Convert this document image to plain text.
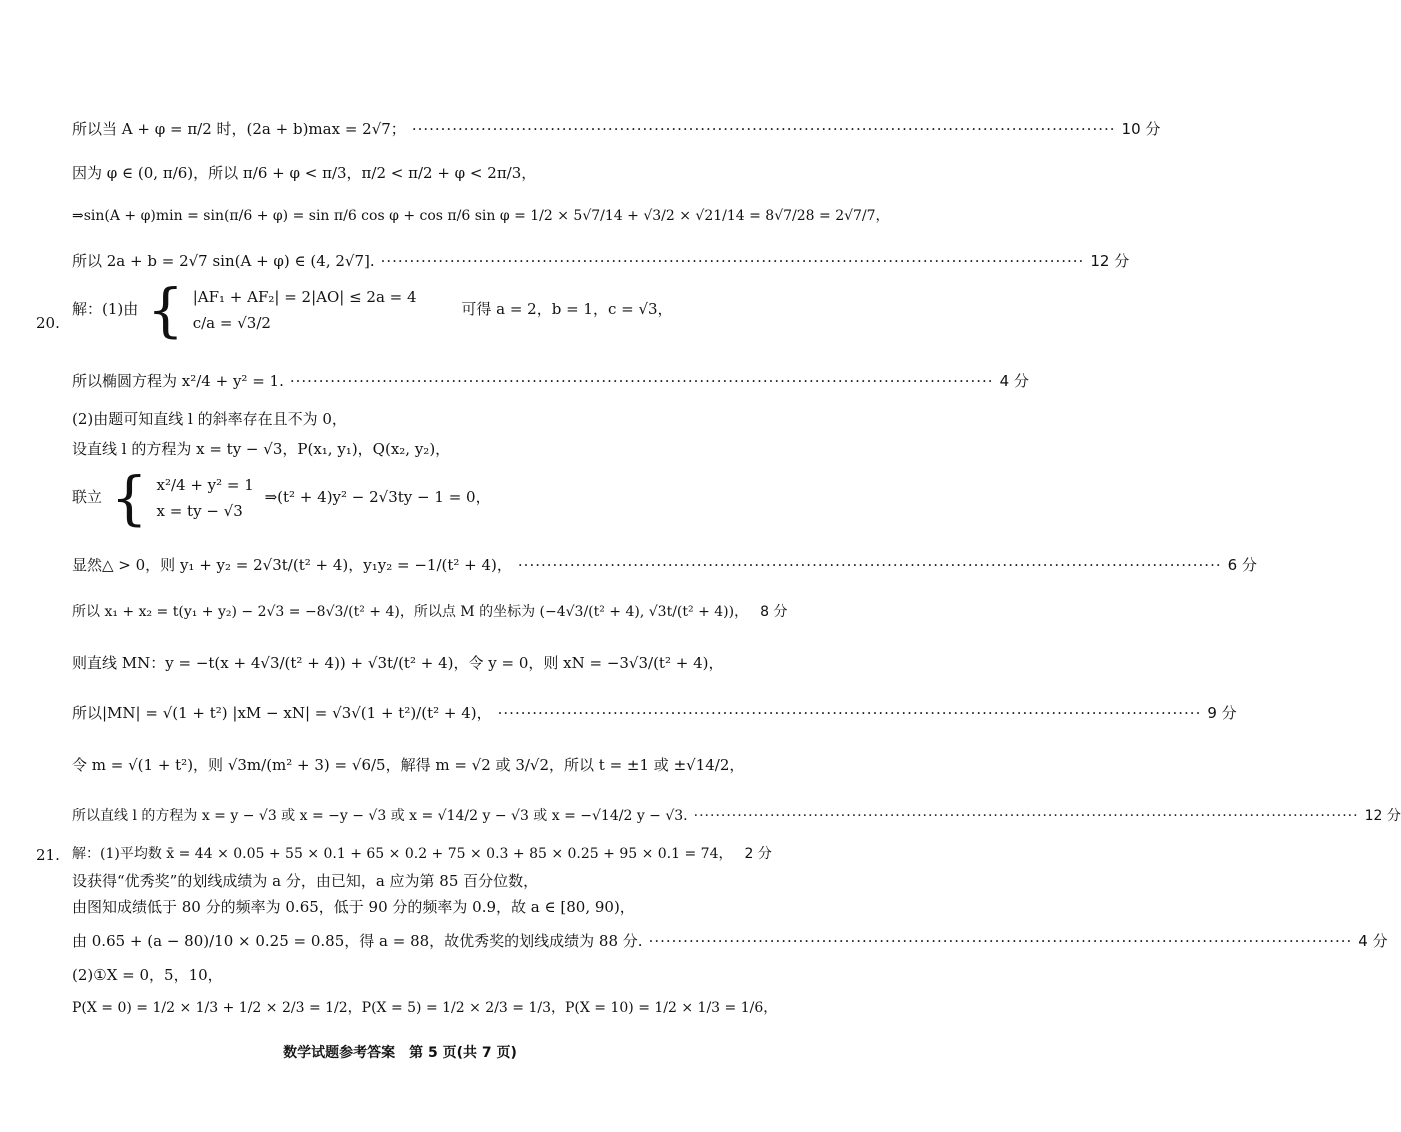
所以当 A + φ = π/2 时，(2a + b)max = 2√7； ·····	10 分
因为 φ ∈ (0, π/6)，所以 π/6 + φ < π/3，π/2 < π/2 + φ < 2π/3，
⇒sin(A + φ)min = sin(π/6 + φ) = sin π/6 cos φ + cos π/6 sin φ = 1/2 × 5√7/14 + √3/2 × √21/14 = 8√7/28 = 2√7/7，
所以 2a + b = 2√7 sin(A + φ) ∈ (4, 2√7]. ·····	12 分
20.
解：(1)由 { |AF₁ + AF₂| = 2|AO| ≤ 2a = 4
c/a = √3/2
可得 a = 2，b = 1，c = √3，
所以椭圆方程为 x²/4 + y² = 1. ·····	4 分
(2)由题可知直线 l 的斜率存在且不为 0，
设直线 l 的方程为 x = ty − √3，P(x₁, y₁)，Q(x₂, y₂)，
联立 { x²/4 + y² = 1
x = ty − √3
⇒(t² + 4)y² − 2√3ty − 1 = 0，
显然△ > 0，则 y₁ + y₂ = 2√3t/(t² + 4)，y₁y₂ = −1/(t² + 4)， ·····	6 分
所以 x₁ + x₂ = t(y₁ + y₂) − 2√3 = −8√3/(t² + 4)，所以点 M 的坐标为 (−4√3/(t² + 4), √3t/(t² + 4))， 8 分
则直线 MN：y = −t(x + 4√3/(t² + 4)) + √3t/(t² + 4)，令 y = 0，则 xN = −3√3/(t² + 4)，
所以|MN| = √(1 + t²) |xM − xN| = √3√(1 + t²)/(t² + 4)， ·····	9 分
令 m = √(1 + t²)，则 √3m/(m² + 3) = √6/5，解得 m = √2 或 3/√2，所以 t = ±1 或 ±√14/2，
所以直线 l 的方程为 x = y − √3 或 x = −y − √3 或 x = √14/2 y − √3 或 x = −√14/2 y − √3. ·····	12 分
21. 解：(1)平均数 x̄ = 44 × 0.05 + 55 × 0.1 + 65 × 0.2 + 75 × 0.3 + 85 × 0.25 + 95 × 0.1 = 74， 2 分
设获得“优秀奖”的划线成绩为 a 分，由已知，a 应为第 85 百分位数，
由图知成绩低于 80 分的频率为 0.65，低于 90 分的频率为 0.9，故 a ∈ [80, 90)，
由 0.65 + (a − 80)/10 × 0.25 = 0.85，得 a = 88，故优秀奖的划线成绩为 88 分. ·····	4 分
(2)①X = 0，5，10，
P(X = 0) = 1/2 × 1/3 + 1/2 × 2/3 = 1/2，P(X = 5) = 1/2 × 2/3 = 1/3，P(X = 10) = 1/2 × 1/3 = 1/6，
数学试题参考答案　第 5 页(共 7 页)
